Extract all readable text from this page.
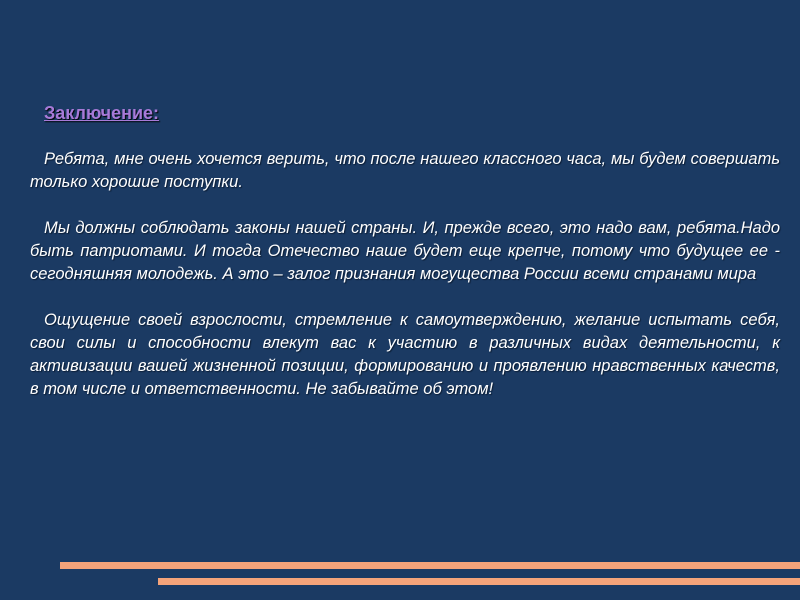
Заключение:

Ребята, мне очень хочется верить, что после нашего классного часа, мы будем совершать только хорошие поступки.

Мы должны соблюдать законы нашей страны. И, прежде всего, это надо вам, ребята.Надо быть патриотами. И тогда Отечество наше будет еще крепче, потому что будущее ее - сегодняшняя молодежь. А это – залог признания могущества России всеми странами мира

Ощущение своей взрослости, стремление к самоутверждению, желание испытать себя, свои силы и способности влекут вас к участию в различных видах деятельности, к активизации вашей жизненной позиции, формированию и проявлению нравственных качеств, в том числе и ответственности. Не забывайте об этом!
